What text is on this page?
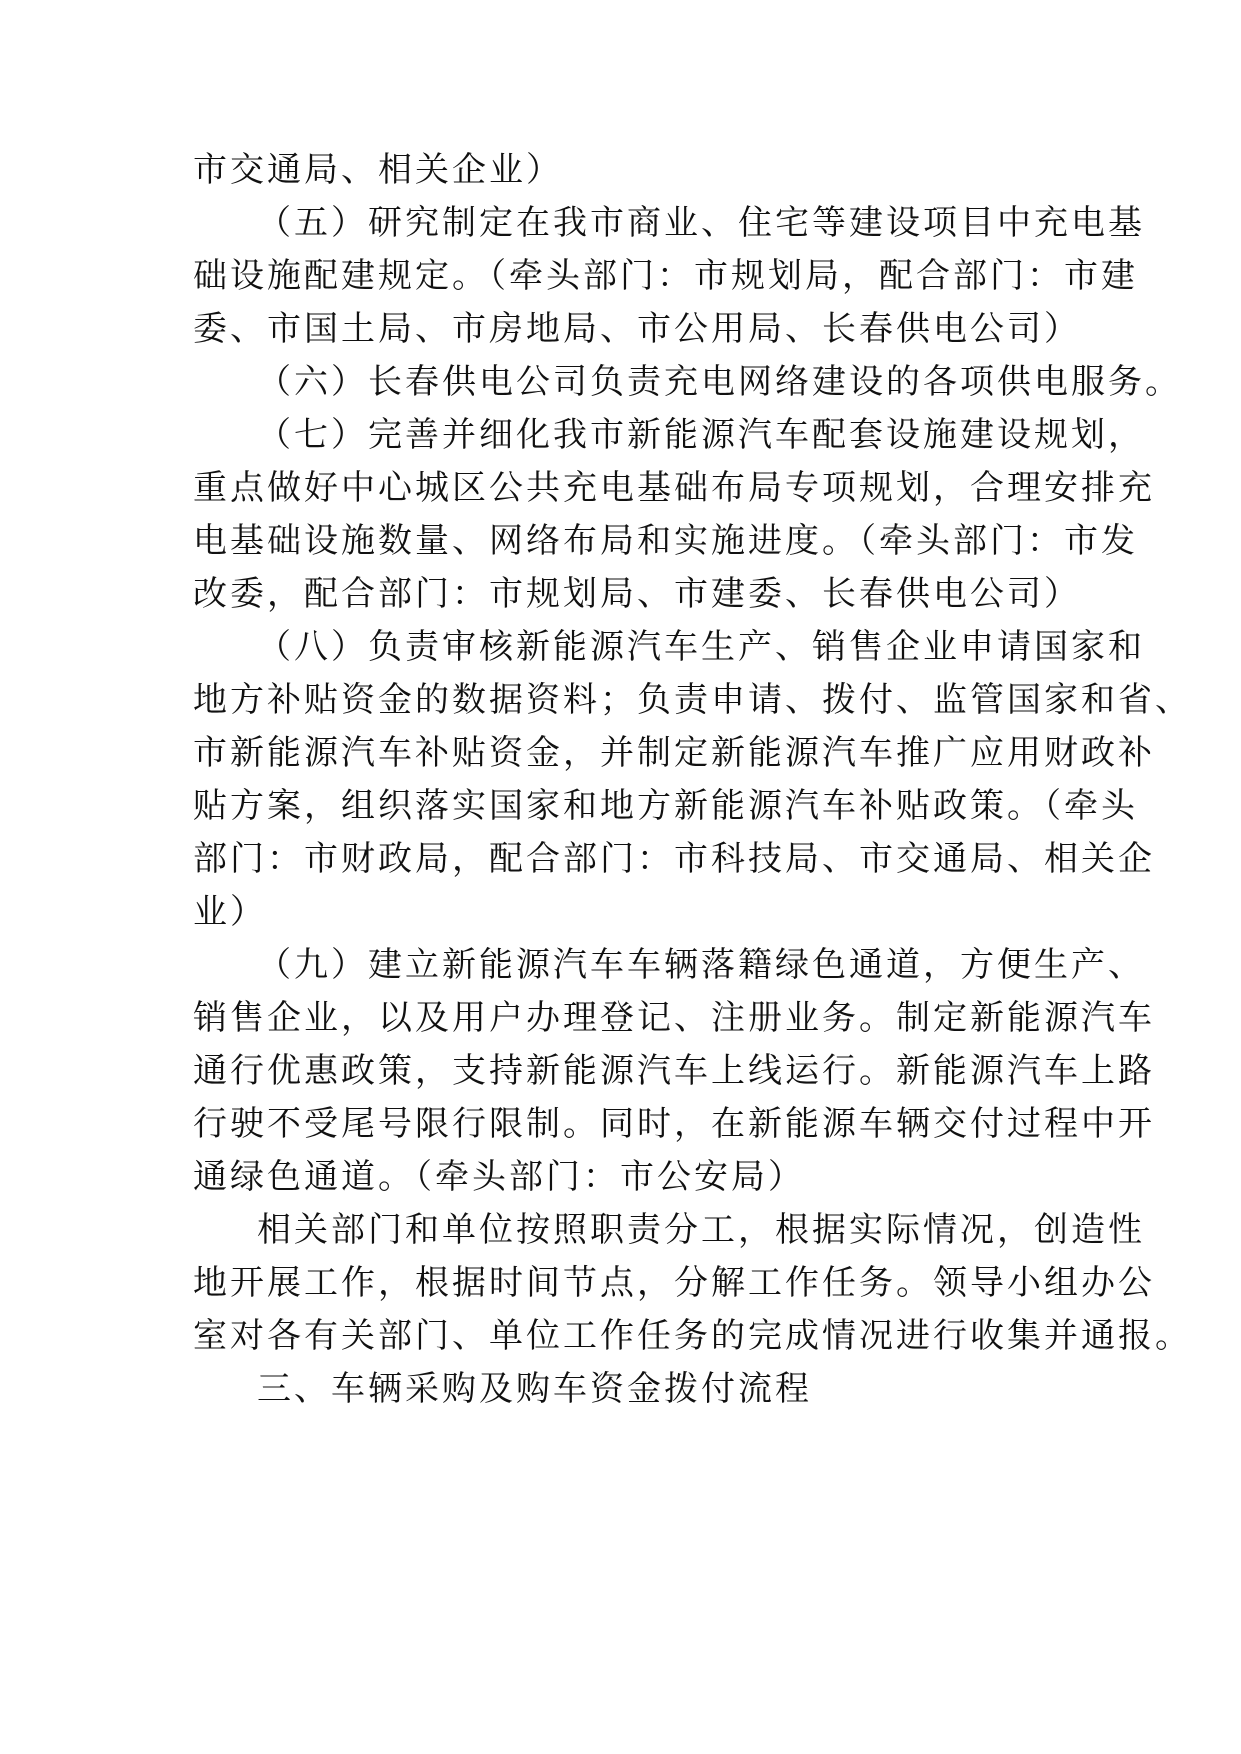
市交通局、相关企业）
（五）研究制定在我市商业、住宅等建设项目中充电基
础设施配建规定。（牵头部门：市规划局，配合部门：市建
委、市国土局、市房地局、市公用局、长春供电公司）
（六）长春供电公司负责充电网络建设的各项供电服务。
（七）完善并细化我市新能源汽车配套设施建设规划，
重点做好中心城区公共充电基础布局专项规划，合理安排充
电基础设施数量、网络布局和实施进度。（牵头部门：市发
改委，配合部门：市规划局、市建委、长春供电公司）
（八）负责审核新能源汽车生产、销售企业申请国家和
地方补贴资金的数据资料；负责申请、拨付、监管国家和省、
市新能源汽车补贴资金，并制定新能源汽车推广应用财政补
贴方案，组织落实国家和地方新能源汽车补贴政策。（牵头
部门：市财政局，配合部门：市科技局、市交通局、相关企
业）
（九）建立新能源汽车车辆落籍绿色通道，方便生产、
销售企业，以及用户办理登记、注册业务。制定新能源汽车
通行优惠政策，支持新能源汽车上线运行。新能源汽车上路
行驶不受尾号限行限制。同时，在新能源车辆交付过程中开
通绿色通道。（牵头部门：市公安局）
相关部门和单位按照职责分工，根据实际情况，创造性
地开展工作，根据时间节点，分解工作任务。领导小组办公
室对各有关部门、单位工作任务的完成情况进行收集并通报。
三、车辆采购及购车资金拨付流程
